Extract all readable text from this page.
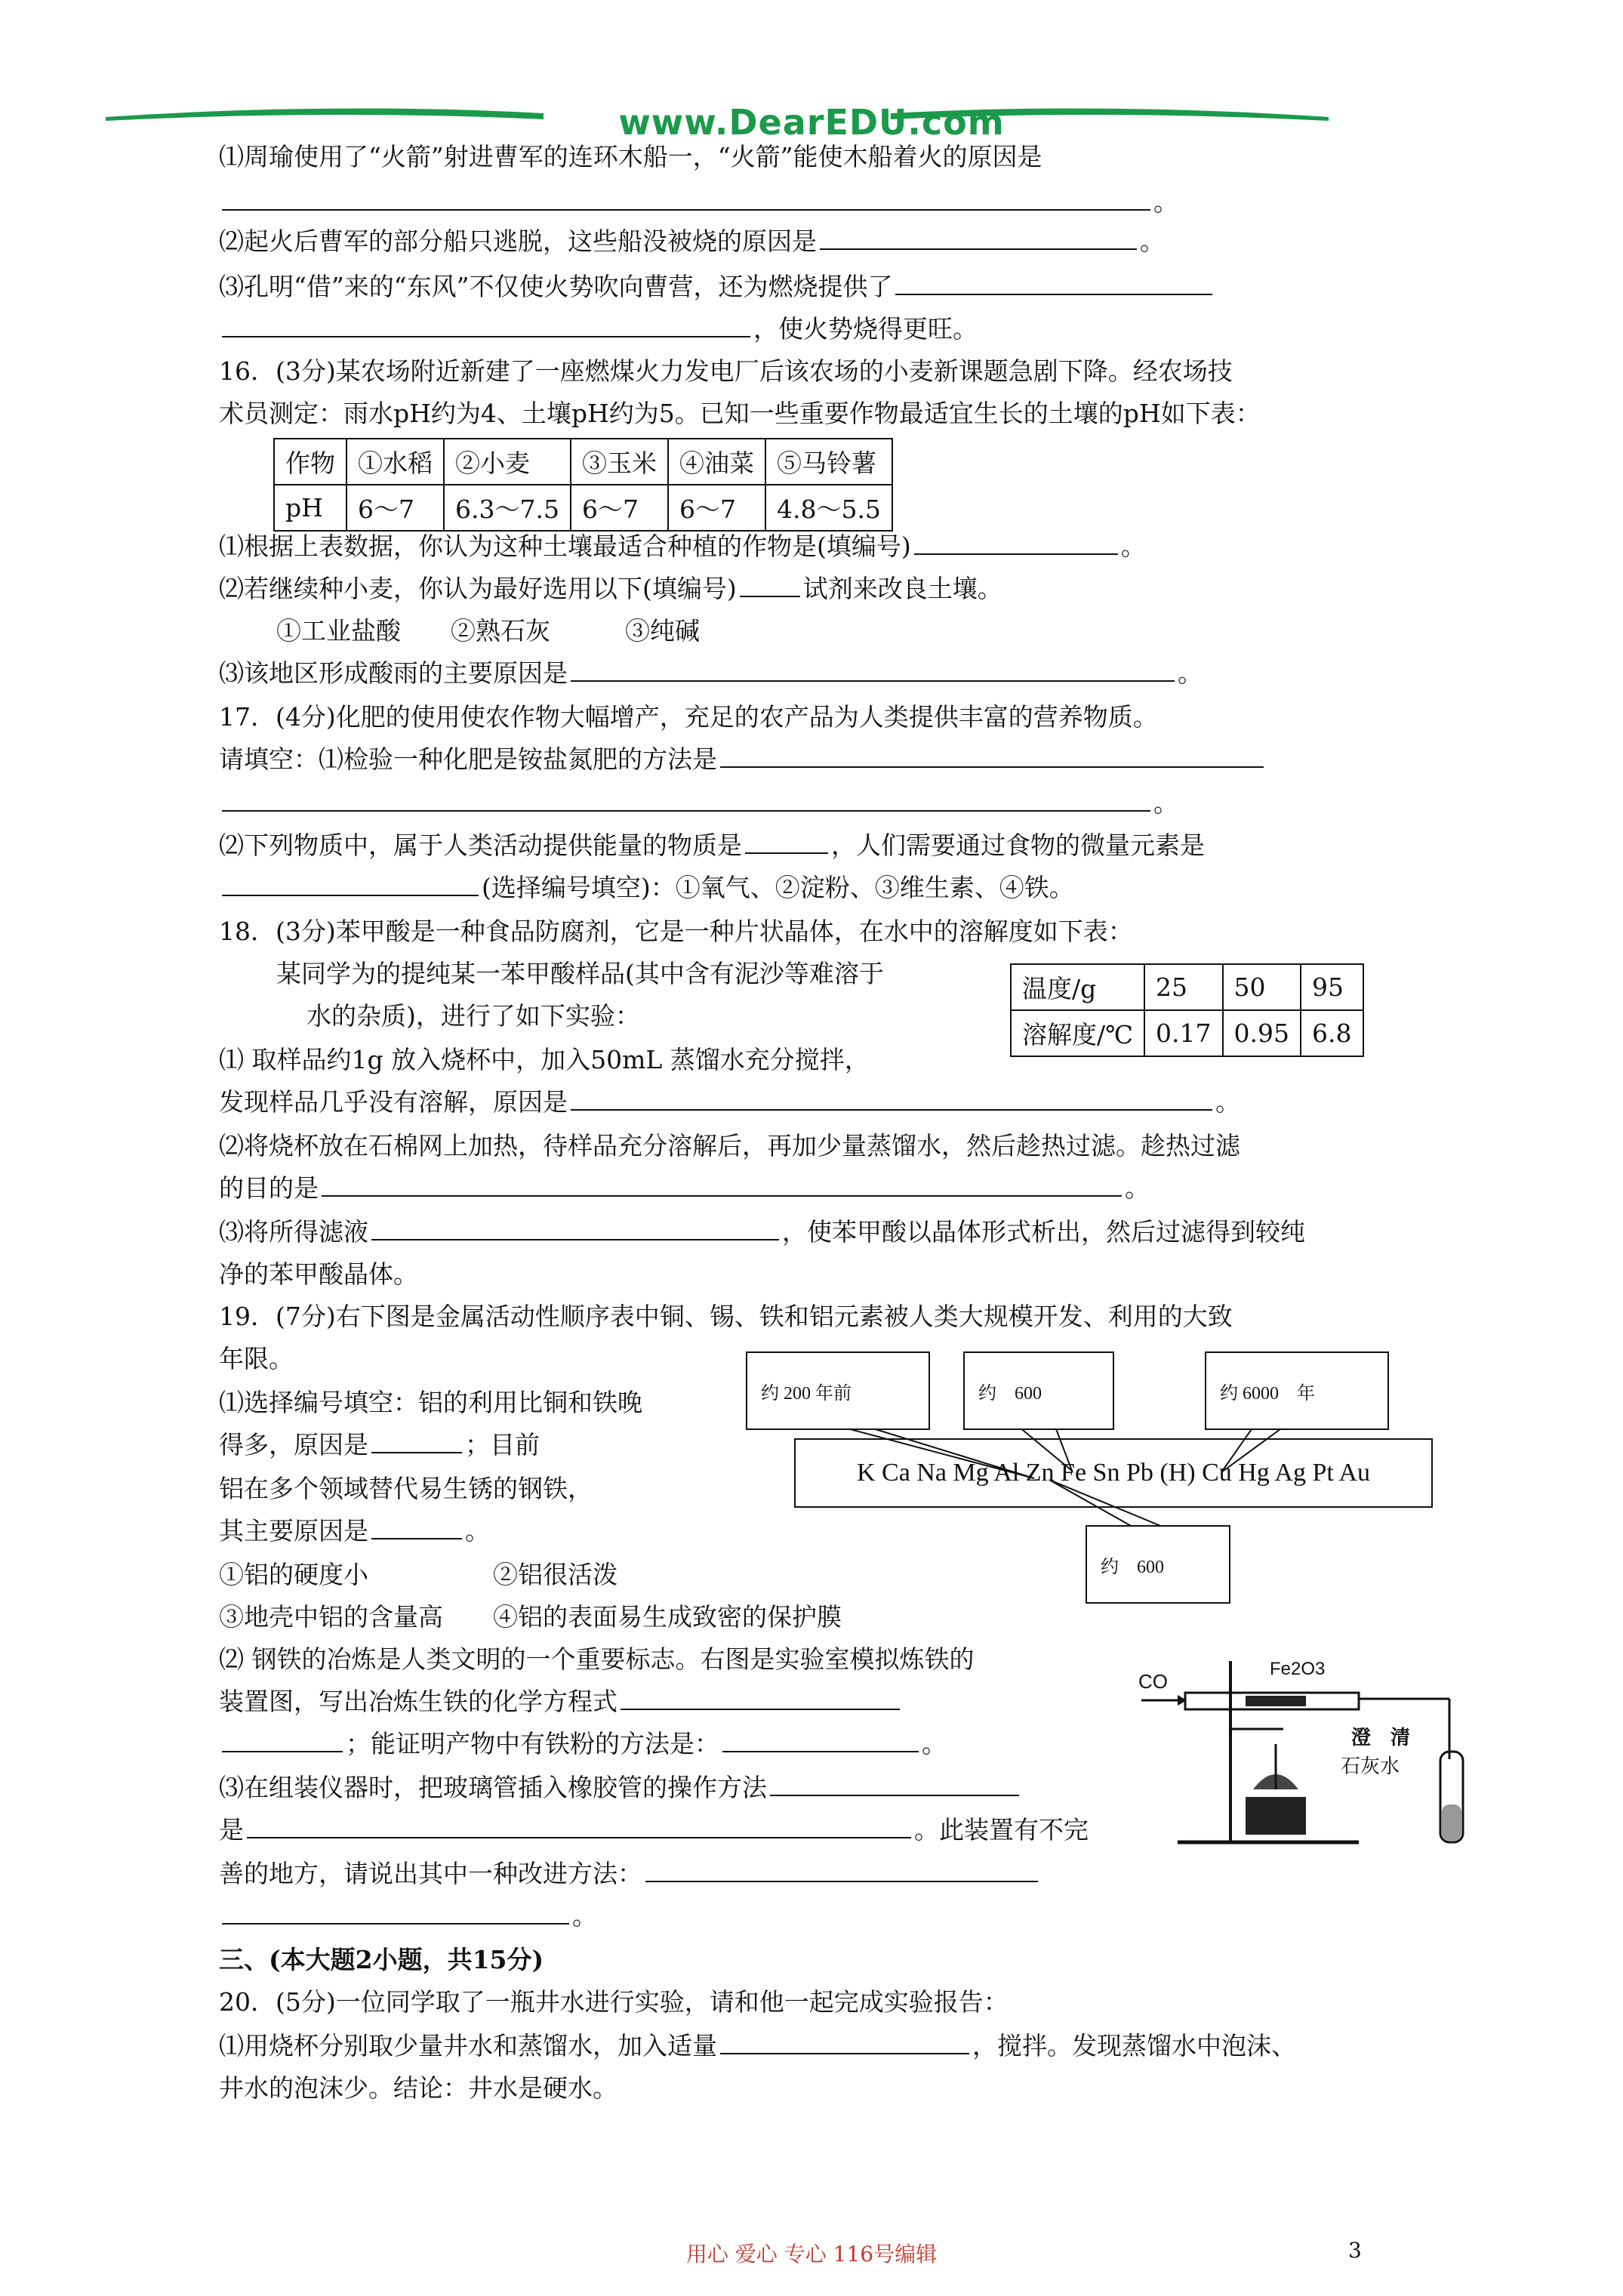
www.DearEDU.com
⑴周瑜使用了“火箭”射进曹军的连环木船一，“火箭”能使木船着火的原因是
。
⑵起火后曹军的部分船只逃脱，这些船没被烧的原因是	。
⑶孔明“借”来的“东风”不仅使火势吹向曹营，还为燃烧提供了
，使火势烧得更旺。
16．(3分)某农场附近新建了一座燃煤火力发电厂后该农场的小麦新课题急剧下降。经农场技
术员测定：雨水pH约为4、土壤pH约为5。已知一些重要作物最适宜生长的土壤的pH如下表：
作物	①水稻	②小麦	③玉米	④油菜	⑤马铃薯
pH	6～7	6.3～7.5	6～7	6～7	4.8～5.5
⑴根据上表数据，你认为这种土壤最适合种植的作物是(填编号)	。
⑵若继续种小麦，你认为最好选用以下(填编号)	试剂来改良土壤。
①工业盐酸　　②熟石灰　　　③纯碱
⑶该地区形成酸雨的主要原因是	。
17．(4分)化肥的使用使农作物大幅增产，充足的农产品为人类提供丰富的营养物质。
请填空：⑴检验一种化肥是铵盐氮肥的方法是
。
⑵下列物质中，属于人类活动提供能量的物质是	，人们需要通过食物的微量元素是
(选择编号填空)：①氧气、②淀粉、③维生素、④铁。
18．(3分)苯甲酸是一种食品防腐剂，它是一种片状晶体，在水中的溶解度如下表：
某同学为的提纯某一苯甲酸样品(其中含有泥沙等难溶于
水的杂质)，进行了如下实验：
温度/g	25	50	95
溶解度/℃	0.17	0.95	6.8
⑴ 取样品约1g 放入烧杯中，加入50mL 蒸馏水充分搅拌，
发现样品几乎没有溶解，原因是	。
⑵将烧杯放在石棉网上加热，待样品充分溶解后，再加少量蒸馏水，然后趁热过滤。趁热过滤
的目的是	。
⑶将所得滤液	，使苯甲酸以晶体形式析出，然后过滤得到较纯
净的苯甲酸晶体。
19．(7分)右下图是金属活动性顺序表中铜、锡、铁和铝元素被人类大规模开发、利用的大致
年限。
⑴选择编号填空：铝的利用比铜和铁晚
得多，原因是	；目前
铝在多个领域替代易生锈的钢铁，
其主要原因是	。
①铝的硬度小　　　　　②铝很活泼
③地壳中铝的含量高　　④铝的表面易生成致密的保护膜
约 200 年前	约　600	约 6000　年
K Ca Na Mg Al Zn Fe Sn Pb (H) Cu Hg Ag Pt Au
约　600
⑵ 钢铁的冶炼是人类文明的一个重要标志。右图是实验室模拟炼铁的
装置图，写出冶炼生铁的化学方程式
；能证明产物中有铁粉的方法是：	。
⑶在组装仪器时，把玻璃管插入橡胶管的操作方法
是	。此装置有不完
善的地方，请说出其中一种改进方法：
。
CO
Fe2O3
澄　清
石灰水
三、(本大题2小题，共15分)
20．(5分)一位同学取了一瓶井水进行实验，请和他一起完成实验报告：
⑴用烧杯分别取少量井水和蒸馏水，加入适量	，搅拌。发现蒸馏水中泡沫、
井水的泡沫少。结论：井水是硬水。
用心 爱心 专心 116号编辑	3
